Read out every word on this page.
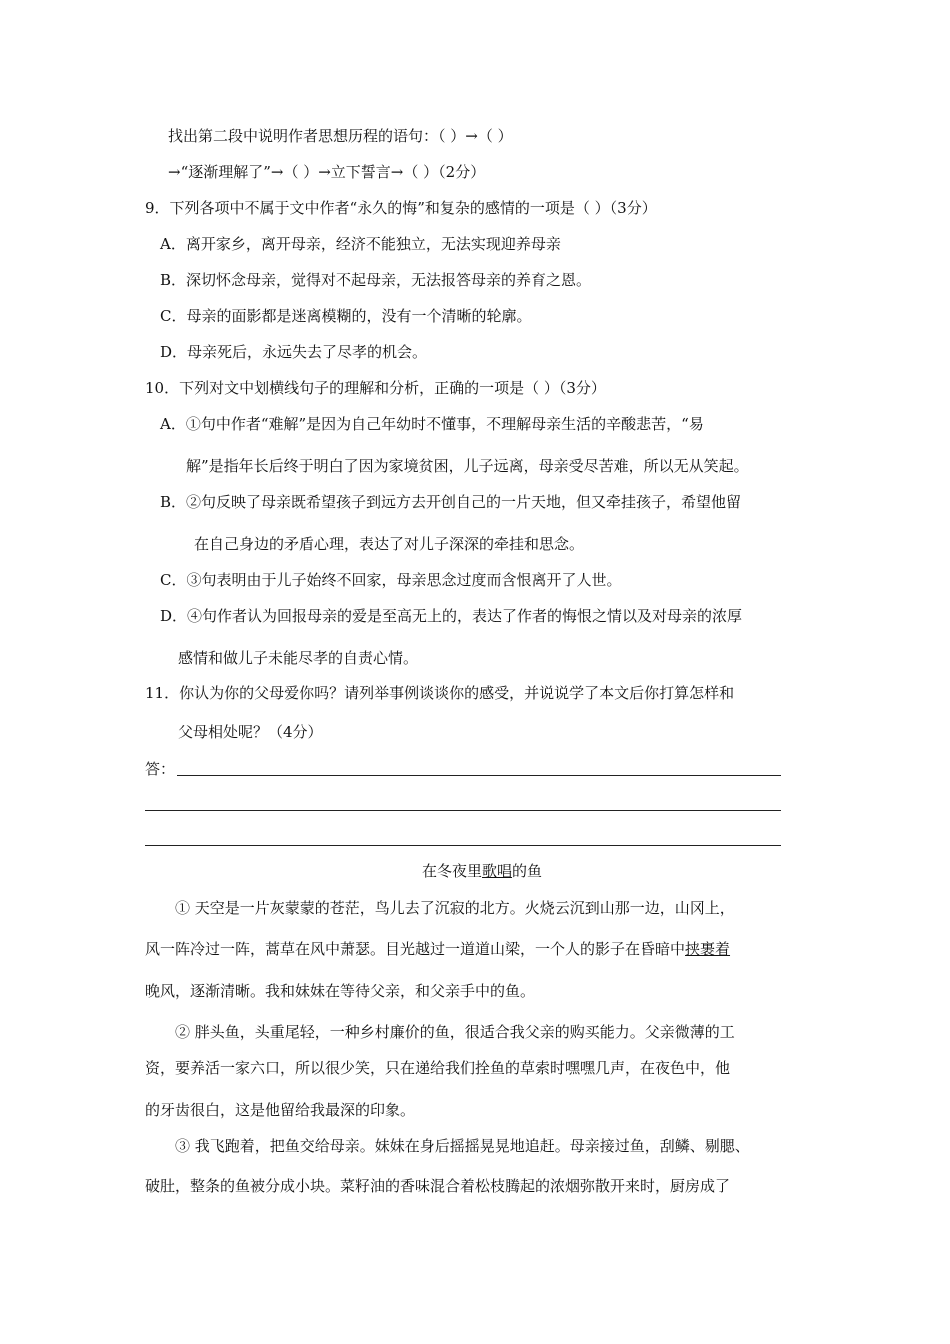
找出第二段中说明作者思想历程的语句：（ ）→（ ）
→“逐渐理解了”→（ ）→立下誓言→（ ）（2分）
9．下列各项中不属于文中作者“永久的悔”和复杂的感情的一项是（ ）（3分）
A．离开家乡，离开母亲，经济不能独立，无法实现迎养母亲
B．深切怀念母亲，觉得对不起母亲，无法报答母亲的养育之恩。
C．母亲的面影都是迷离模糊的，没有一个清晰的轮廓。
D．母亲死后，永远失去了尽孝的机会。
10．下列对文中划横线句子的理解和分析，正确的一项是（ ）（3分）
A．①句中作者“难解”是因为自己年幼时不懂事，不理解母亲生活的辛酸悲苦，“易
解”是指年长后终于明白了因为家境贫困，儿子远离，母亲受尽苦难，所以无从笑起。
B．②句反映了母亲既希望孩子到远方去开创自己的一片天地，但又牵挂孩子，希望他留
在自己身边的矛盾心理，表达了对儿子深深的牵挂和思念。
C．③句表明由于儿子始终不回家，母亲思念过度而含恨离开了人世。
D．④句作者认为回报母亲的爱是至高无上的，表达了作者的悔恨之情以及对母亲的浓厚
感情和做儿子未能尽孝的自责心情。
11．你认为你的父母爱你吗？请列举事例谈谈你的感受，并说说学了本文后你打算怎样和
父母相处呢？（4分）
答：
在冬夜里歌唱的鱼
① 天空是一片灰蒙蒙的苍茫，鸟儿去了沉寂的北方。火烧云沉到山那一边，山冈上，
风一阵冷过一阵，蒿草在风中萧瑟。目光越过一道道山梁，一个人的影子在昏暗中挟裹着
晚风，逐渐清晰。我和妹妹在等待父亲，和父亲手中的鱼。
② 胖头鱼，头重尾轻，一种乡村廉价的鱼，很适合我父亲的购买能力。父亲微薄的工
资，要养活一家六口，所以很少笑，只在递给我们拴鱼的草索时嘿嘿几声，在夜色中，他
的牙齿很白，这是他留给我最深的印象。
③ 我飞跑着，把鱼交给母亲。妹妹在身后摇摇晃晃地追赶。母亲接过鱼，刮鳞、剔腮、
破肚，整条的鱼被分成小块。菜籽油的香味混合着松枝腾起的浓烟弥散开来时，厨房成了
